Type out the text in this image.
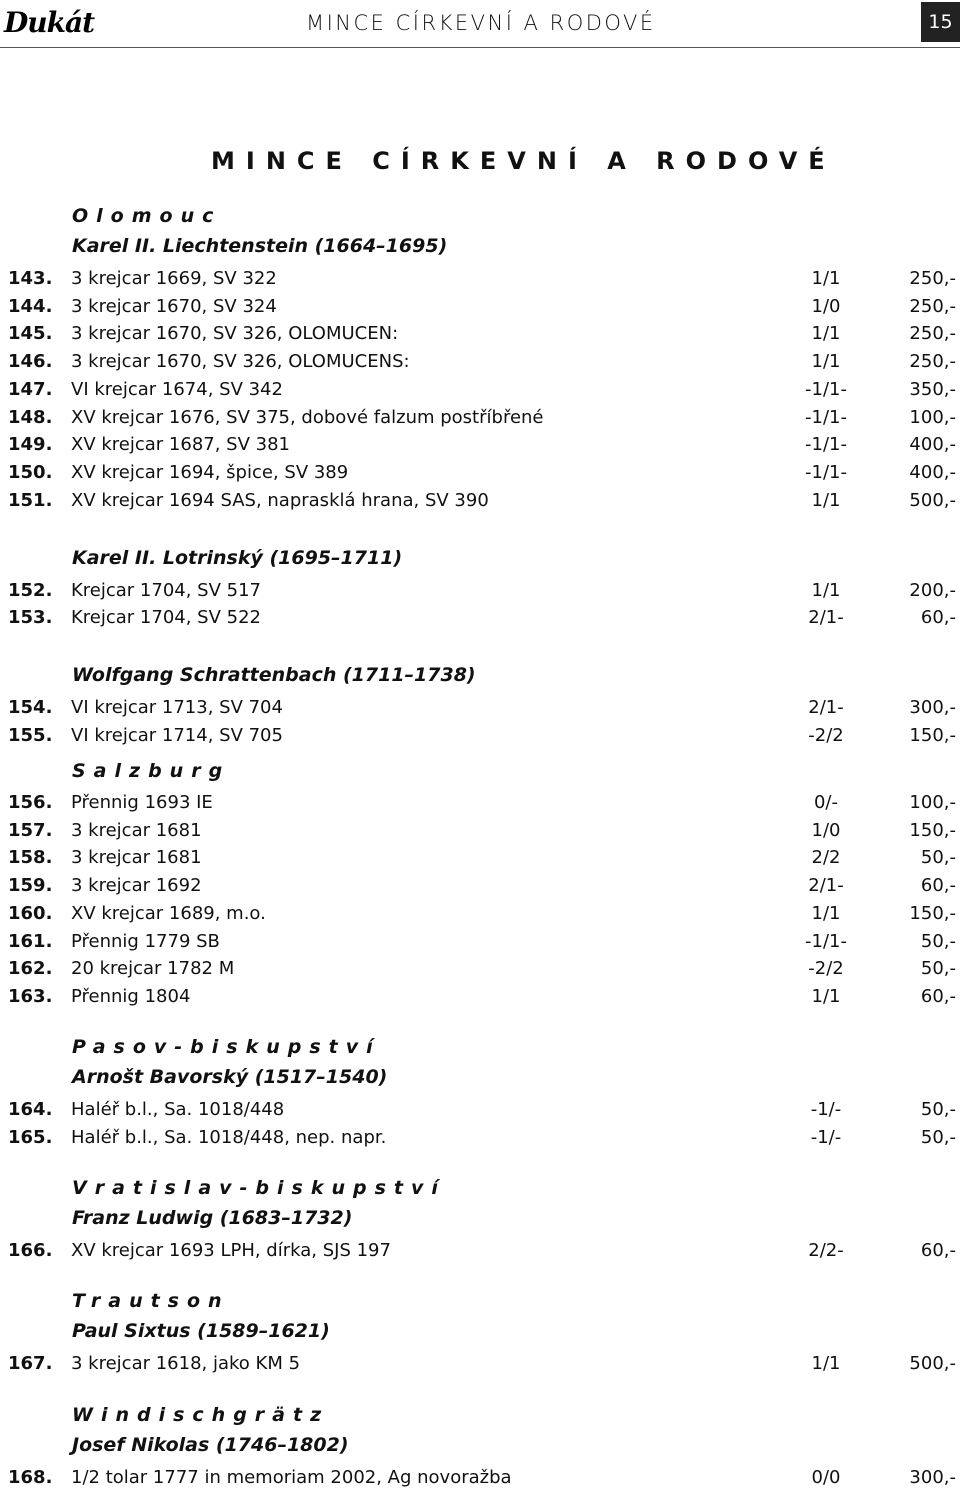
Dukát	MINCE CÍRKEVNÍ A RODOVÉ	15
MINCE CÍRKEVNÍ A RODOVÉ
Olomouc
Karel II. Liechtenstein (1664–1695)
143. 3 krejcar 1669, SV 322	1/1	250,-
144. 3 krejcar 1670, SV 324	1/0	250,-
145. 3 krejcar 1670, SV 326, OLOMUCEN:	1/1	250,-
146. 3 krejcar 1670, SV 326, OLOMUCENS:	1/1	250,-
147. VI krejcar 1674, SV 342	-1/1-	350,-
148. XV krejcar 1676, SV 375, dobové falzum postříbřené	-1/1-	100,-
149. XV krejcar 1687, SV 381	-1/1-	400,-
150. XV krejcar 1694, špice, SV 389	-1/1-	400,-
151. XV krejcar 1694 SAS, naprasklá hrana, SV 390	1/1	500,-
Karel II. Lotrinský (1695–1711)
152. Krejcar 1704, SV 517	1/1	200,-
153. Krejcar 1704, SV 522	2/1-	60,-
Wolfgang Schrattenbach (1711–1738)
154. VI krejcar 1713, SV 704	2/1-	300,-
155. VI krejcar 1714, SV 705	-2/2	150,-
Salzburg
156. Přennig 1693 IE	0/-	100,-
157. 3 krejcar 1681	1/0	150,-
158. 3 krejcar 1681	2/2	50,-
159. 3 krejcar 1692	2/1-	60,-
160. XV krejcar 1689, m.o.	1/1	150,-
161. Přennig 1779 SB	-1/1-	50,-
162. 20 krejcar 1782 M	-2/2	50,-
163. Přennig 1804	1/1	60,-
Pasov-biskupství
Arnošt Bavorský (1517–1540)
164. Haléř b.l., Sa. 1018/448	-1/-	50,-
165. Haléř b.l., Sa. 1018/448, nep. napr.	-1/-	50,-
Vratislav-biskupství
Franz Ludwig (1683–1732)
166. XV krejcar 1693 LPH, dírka, SJS 197	2/2-	60,-
Trautson
Paul Sixtus (1589–1621)
167. 3 krejcar 1618, jako KM 5	1/1	500,-
Windischgrätz
Josef Nikolas (1746–1802)
168. 1/2 tolar 1777 in memoriam 2002, Ag novoražba	0/0	300,-
